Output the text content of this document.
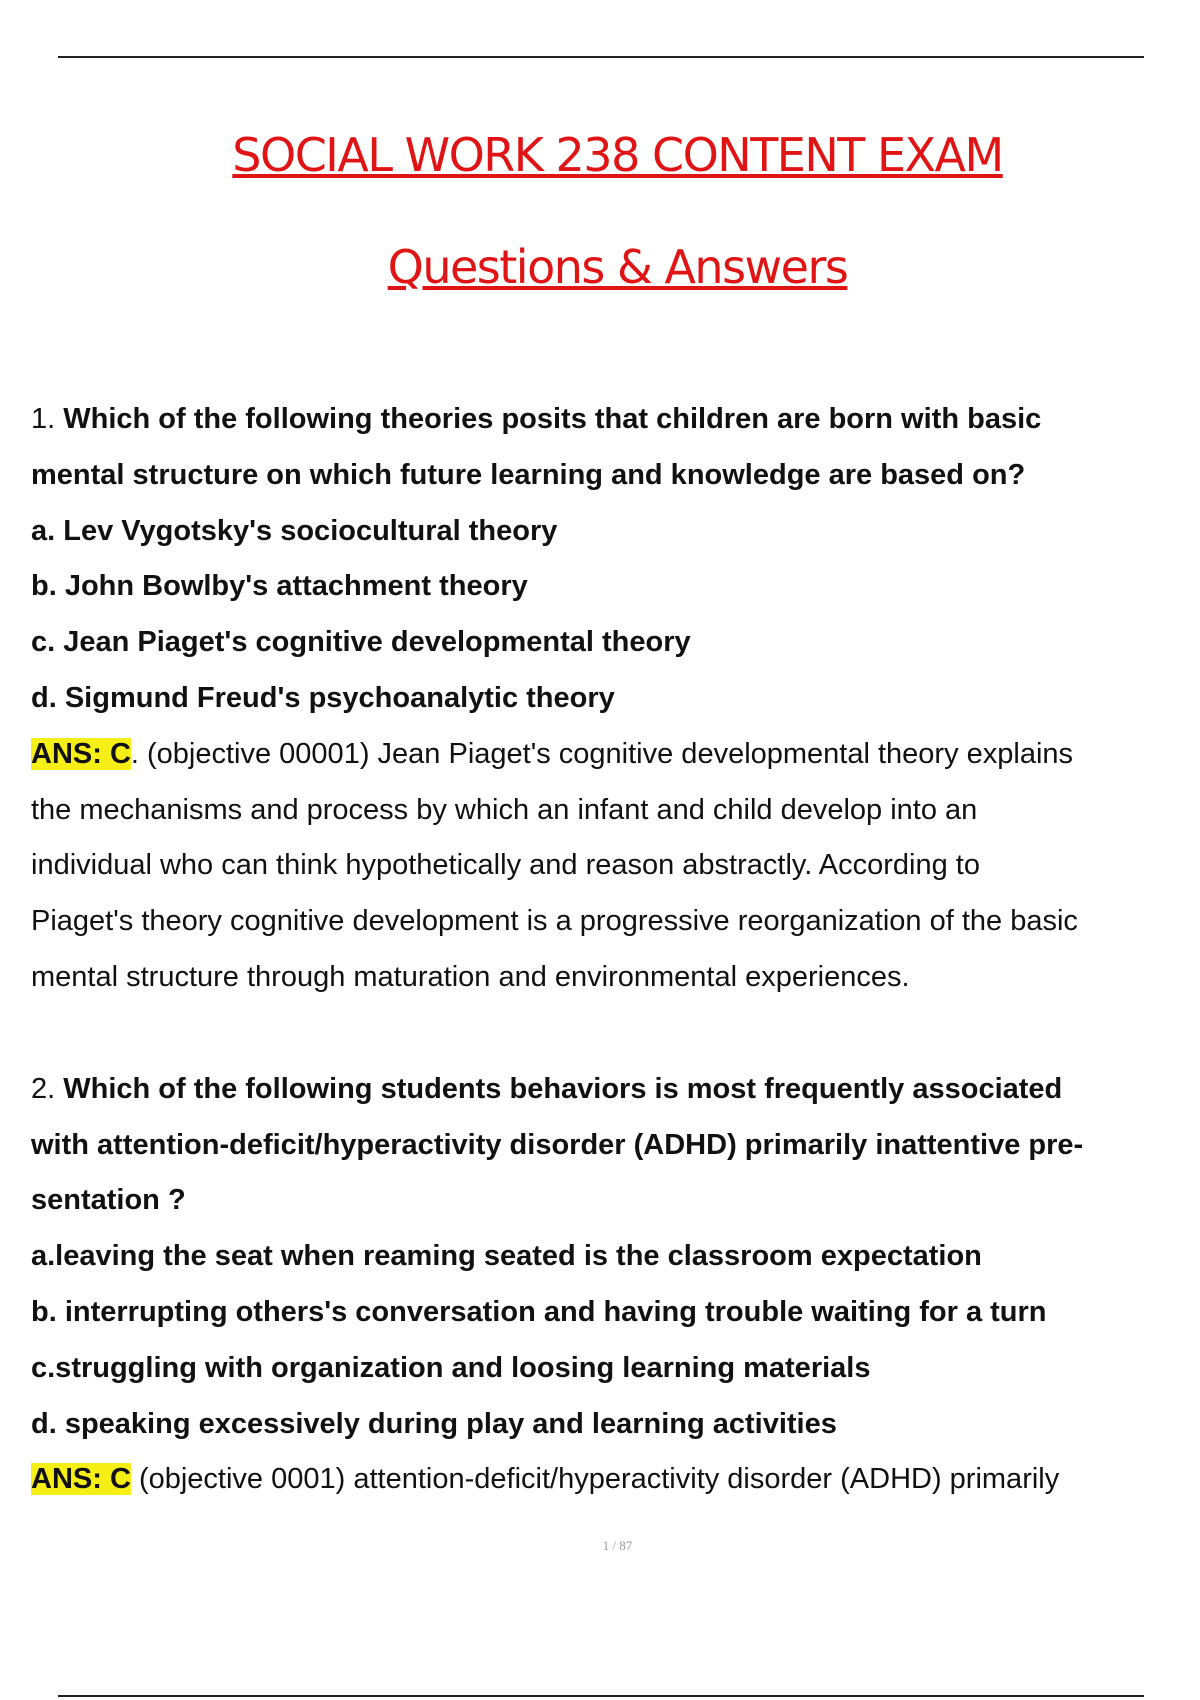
SOCIAL WORK 238 CONTENT EXAM
Questions & Answers
1. Which of the following theories posits that children are born with basic
mental structure on which future learning and knowledge are based on?
a. Lev Vygotsky's sociocultural theory
b. John Bowlby's attachment theory
c. Jean Piaget's cognitive developmental theory
d. Sigmund Freud's psychoanalytic theory
ANS: C. (objective 00001) Jean Piaget's cognitive developmental theory explains
the mechanisms and process by which an infant and child develop into an
individual who can think hypothetically and reason abstractly. According to
Piaget's theory cognitive development is a progressive reorganization of the basic
mental structure through maturation and environmental experiences.
2. Which of the following students behaviors is most frequently associated
with attention-deficit/hyperactivity disorder (ADHD) primarily inattentive pre-
sentation ?
a.leaving the seat when reaming seated is the classroom expectation
b. interrupting others's conversation and having trouble waiting for a turn
c.struggling with organization and loosing learning materials
d. speaking excessively during play and learning activities
ANS: C (objective 0001) attention-deficit/hyperactivity disorder (ADHD) primarily
1 / 87
